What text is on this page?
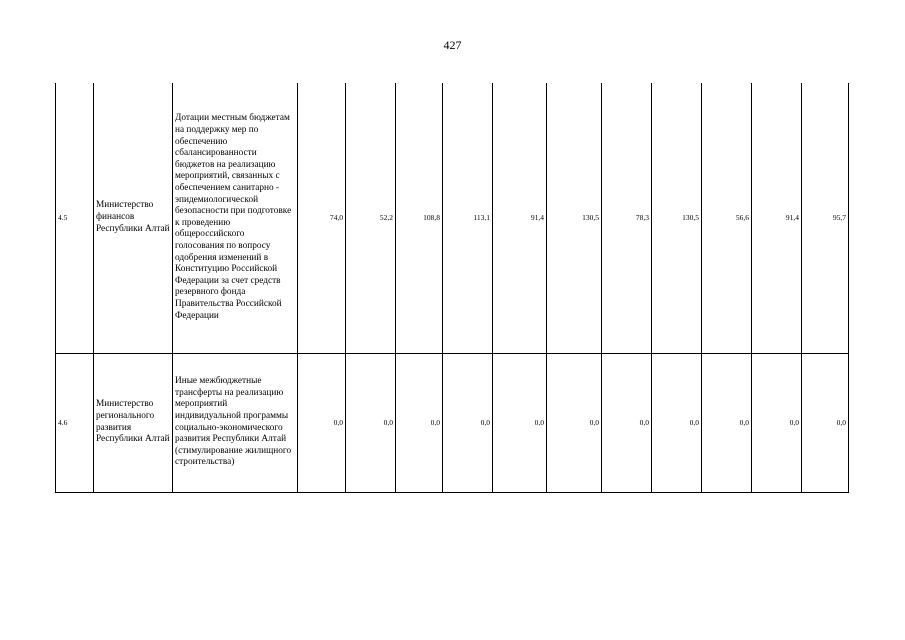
427
4.5	Министерство финансов Республики Алтай	Дотации местным бюджетам на поддержку мер по обеспечению сбалансированности бюджетов на реализацию мероприятий, связанных с обеспечением санитарно - эпидемиологической безопасности при подготовке к проведению общероссийского голосования по вопросу одобрения изменений в Конституцию Российской Федерации за счет средств резервного фонда Правительства Российской Федерации	74,0	52,2	108,8	113,1	91,4	130,5	78,3	130,5	56,6	91,4	95,7
4.6	Министерство регионального развития Республики Алтай	Иные межбюджетные трансферты на реализацию мероприятий индивидуальной программы социально-экономического развития Республики Алтай (стимулирование жилищного строительства)	0,0	0,0	0,0	0,0	0,0	0,0	0,0	0,0	0,0	0,0	0,0
